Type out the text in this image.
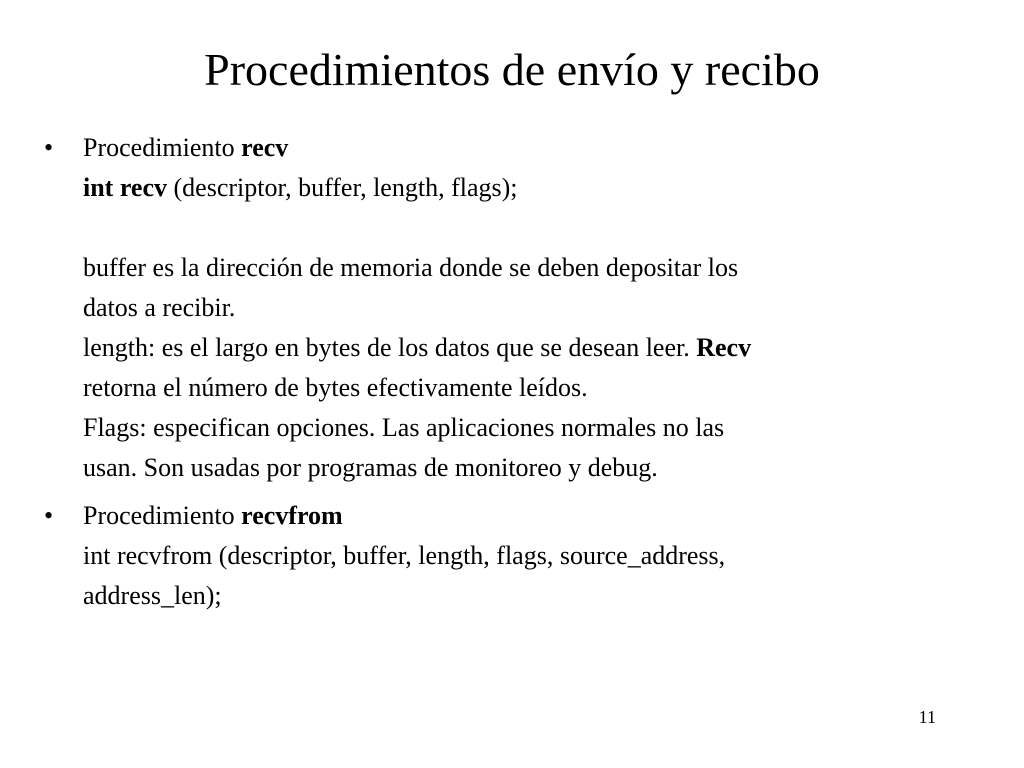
Procedimientos de envío y recibo
• Procedimiento recv
int recv (descriptor, buffer, length, flags);
buffer es la dirección de memoria donde se deben depositar los
datos a recibir.
length: es el largo en bytes de los datos que se desean leer. Recv
retorna el número de bytes efectivamente leídos.
Flags: especifican opciones. Las aplicaciones normales no las
usan. Son usadas por programas de monitoreo y debug.
• Procedimiento recvfrom
int recvfrom (descriptor, buffer, length, flags, source_address,
address_len);
11
